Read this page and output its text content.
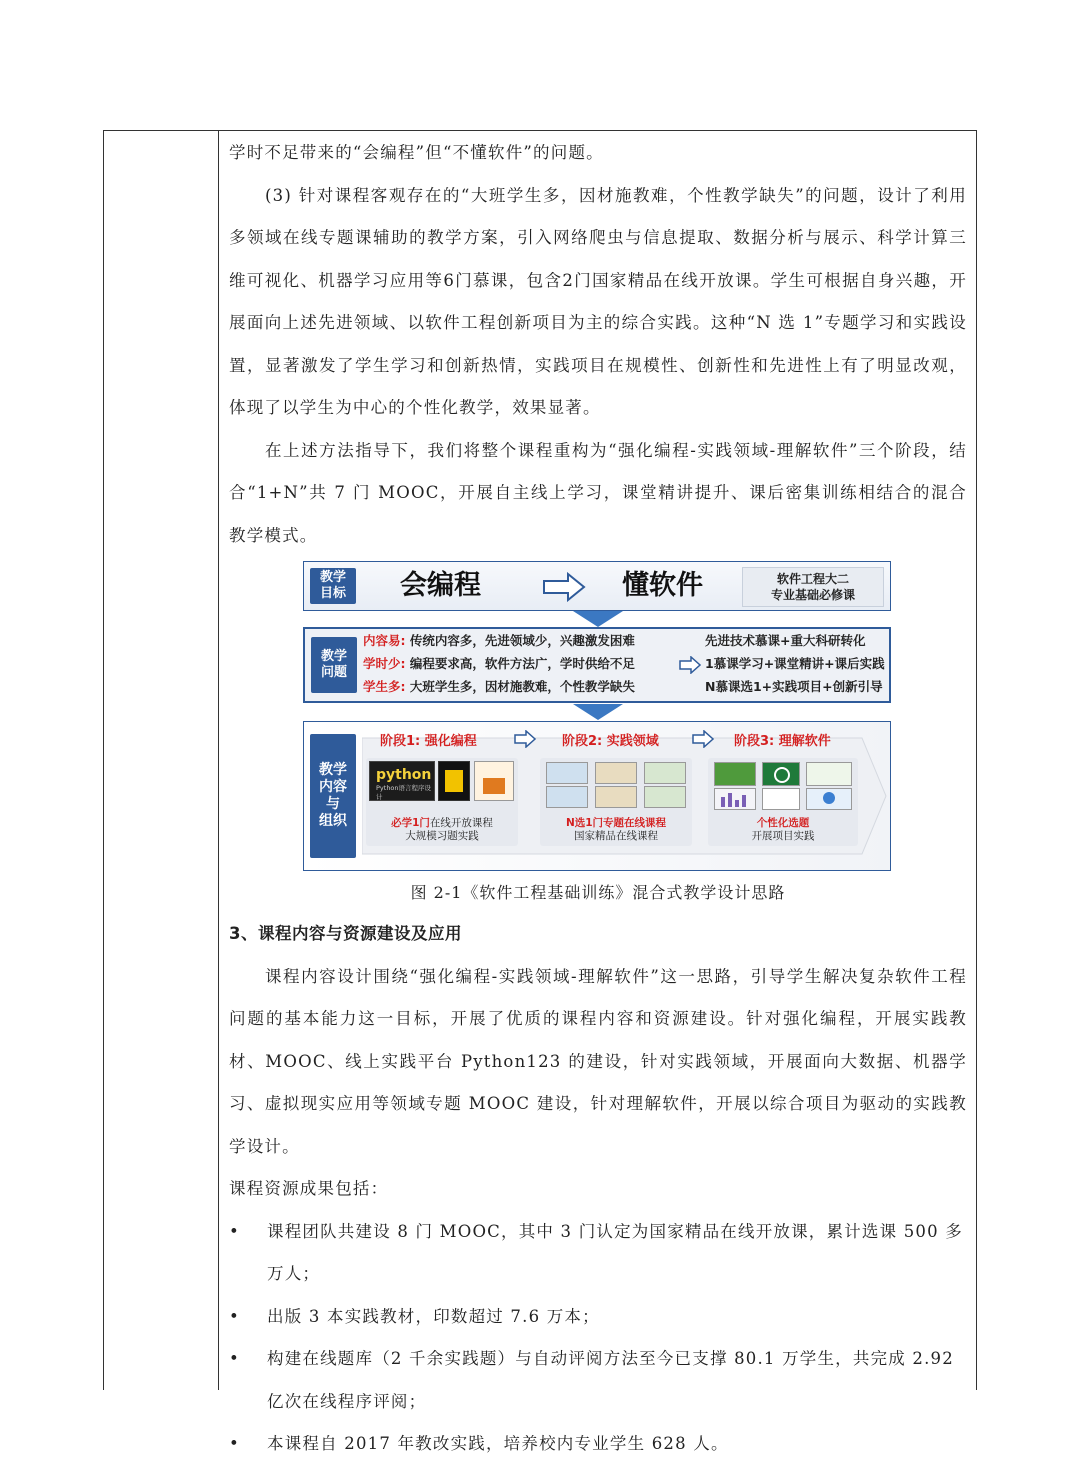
学时不足带来的“会编程”但“不懂软件”的问题。

(3) 针对课程客观存在的“大班学生多，因材施教难，个性教学缺失”的问题，设计了利用多领域在线专题课辅助的教学方案，引入网络爬虫与信息提取、数据分析与展示、科学计算三维可视化、机器学习应用等6门慕课，包含2门国家精品在线开放课。学生可根据自身兴趣，开展面向上述先进领域、以软件工程创新项目为主的综合实践。这种“N 选 1”专题学习和实践设置，显著激发了学生学习和创新热情，实践项目在规模性、创新性和先进性上有了明显改观，体现了以学生为中心的个性化教学，效果显著。

在上述方法指导下，我们将整个课程重构为“强化编程-实践领域-理解软件”三个阶段，结合“1+N”共 7 门 MOOC，开展自主线上学习，课堂精讲提升、课后密集训练相结合的混合教学模式。

教学
目标 会编程	懂软件	软件工程大二
专业基础必修课
教学
问题
内容易: 传统内容多，先进领域少，兴趣激发困难
学时少: 编程要求高，软件方法广，学时供给不足
学生多: 大班学生多，因材施教难，个性教学缺失
先进技术慕课+重大科研转化
1慕课学习+课堂精讲+课后实践
N慕课选1+实践项目+创新引导
教学
内容
与
组织
阶段1: 强化编程	阶段2: 实践领域	阶段3: 理解软件
python
Python语言程序设计
必学1门在线开放课程
大规模习题实践
N选1门专题在线课程
国家精品在线课程
个性化选题
开展项目实践

图 2-1《软件工程基础训练》混合式教学设计思路

3、课程内容与资源建设及应用

课程内容设计围绕“强化编程-实践领域-理解软件”这一思路，引导学生解决复杂软件工程问题的基本能力这一目标，开展了优质的课程内容和资源建设。针对强化编程，开展实践教材、MOOC、线上实践平台 Python123 的建设，针对实践领域，开展面向大数据、机器学习、虚拟现实应用等领域专题 MOOC 建设，针对理解软件，开展以综合项目为驱动的实践教学设计。

课程资源成果包括：

• 课程团队共建设 8 门 MOOC，其中 3 门认定为国家精品在线开放课，累计选课 500 多万人；

• 出版 3 本实践教材，印数超过 7.6 万本；

• 构建在线题库（2 千余实践题）与自动评阅方法至今已支撑 80.1 万学生，共完成 2.92 亿次在线程序评阅；

• 本课程自 2017 年教改实践，培养校内专业学生 628 人。
